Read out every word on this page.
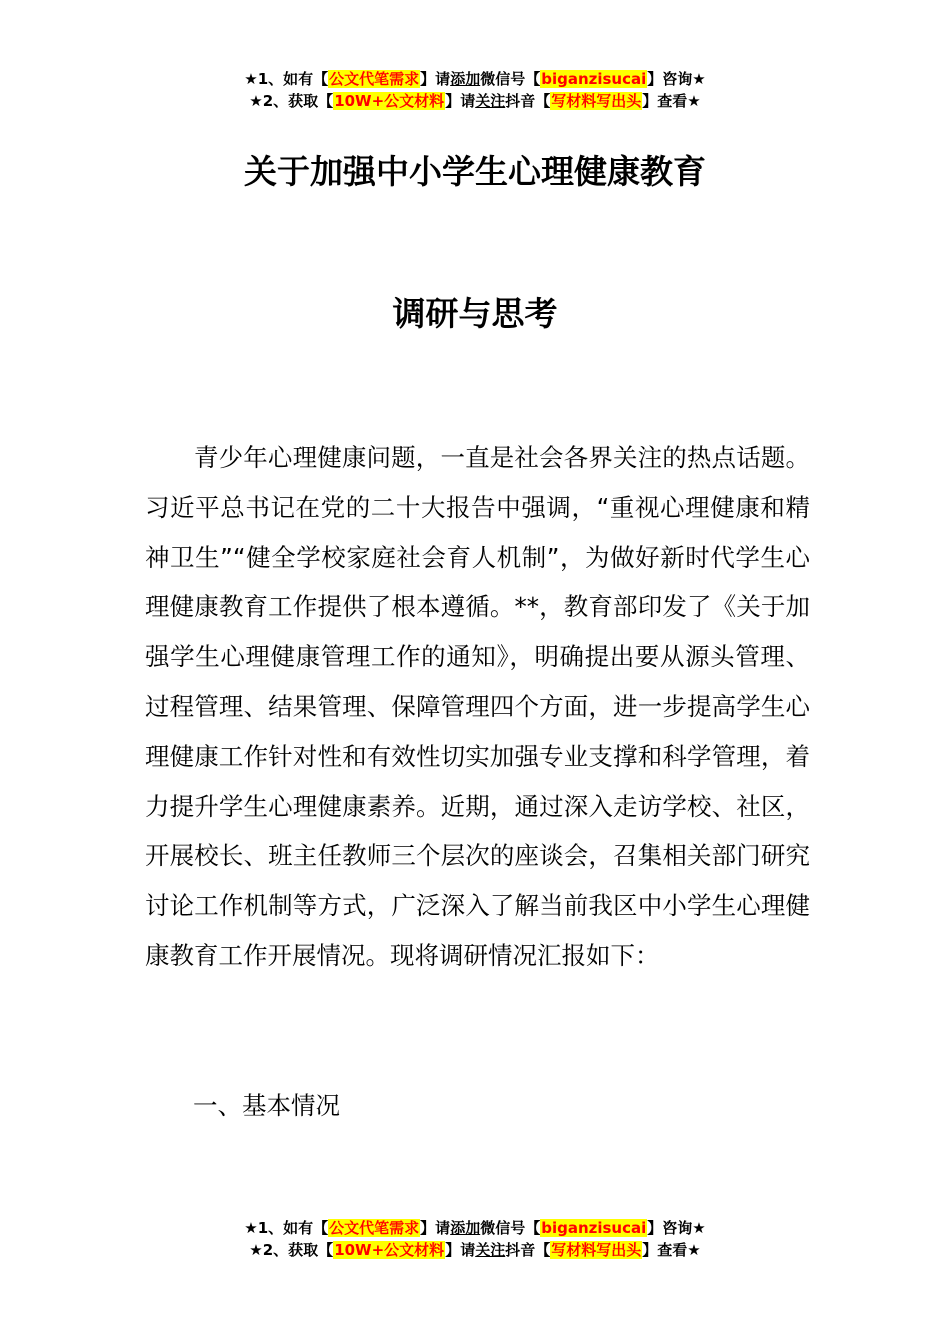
★1、如有【公文代笔需求】请添加微信号【biganzisucai】咨询★
★2、获取【10W+公文材料】请关注抖音【写材料写出头】查看★
关于加强中小学生心理健康教育
调研与思考

青少年心理健康问题，一直是社会各界关注的热点话题。习近平总书记在党的二十大报告中强调，“重视心理健康和精神卫生”“健全学校家庭社会育人机制”，为做好新时代学生心理健康教育工作提供了根本遵循。**，教育部印发了《关于加强学生心理健康管理工作的通知》，明确提出要从源头管理、过程管理、结果管理、保障管理四个方面，进一步提高学生心理健康工作针对性和有效性切实加强专业支撑和科学管理，着力提升学生心理健康素养。近期，通过深入走访学校、社区，开展校长、班主任教师三个层次的座谈会，召集相关部门研究讨论工作机制等方式，广泛深入了解当前我区中小学生心理健康教育工作开展情况。现将调研情况汇报如下：

一、基本情况

★1、如有【公文代笔需求】请添加微信号【biganzisucai】咨询★
★2、获取【10W+公文材料】请关注抖音【写材料写出头】查看★
